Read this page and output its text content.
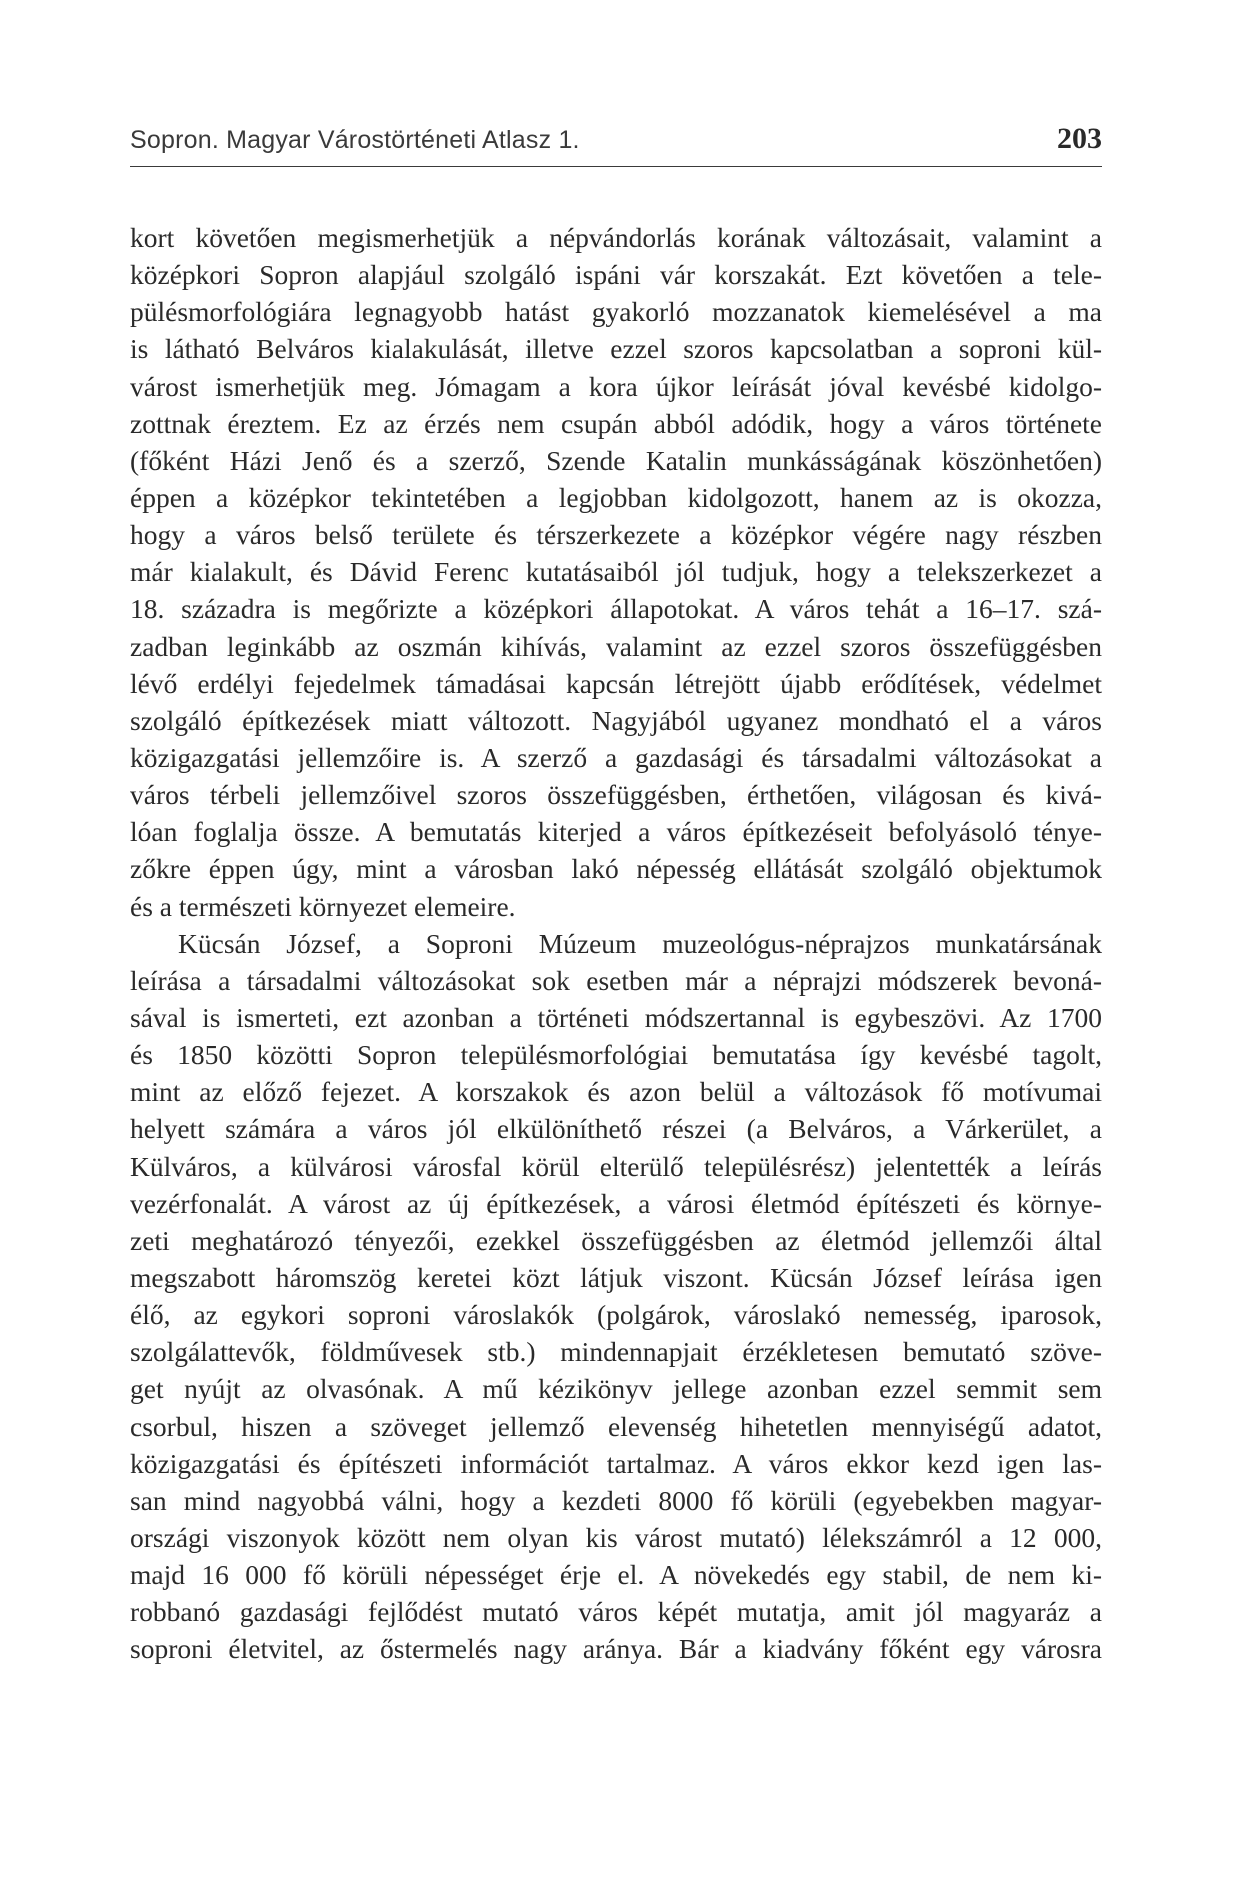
Sopron. Magyar Várostörténeti Atlasz 1.	203
kort követően megismerhetjük a népvándorlás korának változásait, valamint a
középkori Sopron alapjául szolgáló ispáni vár korszakát. Ezt követően a tele-
pülésmorfológiára legnagyobb hatást gyakorló mozzanatok kiemelésével a ma
is látható Belváros kialakulását, illetve ezzel szoros kapcsolatban a soproni kül-
várost ismerhetjük meg. Jómagam a kora újkor leírását jóval kevésbé kidolgo-
zottnak éreztem. Ez az érzés nem csupán abból adódik, hogy a város története
(főként Házi Jenő és a szerző, Szende Katalin munkásságának köszönhetően)
éppen a középkor tekintetében a legjobban kidolgozott, hanem az is okozza,
hogy a város belső területe és térszerkezete a középkor végére nagy részben
már kialakult, és Dávid Ferenc kutatásaiból jól tudjuk, hogy a telekszerkezet a
18. századra is megőrizte a középkori állapotokat. A város tehát a 16–17. szá-
zadban leginkább az oszmán kihívás, valamint az ezzel szoros összefüggésben
lévő erdélyi fejedelmek támadásai kapcsán létrejött újabb erődítések, védelmet
szolgáló építkezések miatt változott. Nagyjából ugyanez mondható el a város
közigazgatási jellemzőire is. A szerző a gazdasági és társadalmi változásokat a
város térbeli jellemzőivel szoros összefüggésben, érthetően, világosan és kivá-
lóan foglalja össze. A bemutatás kiterjed a város építkezéseit befolyásoló ténye-
zőkre éppen úgy, mint a városban lakó népesség ellátását szolgáló objektumok
és a természeti környezet elemeire.
Kücsán József, a Soproni Múzeum muzeológus-néprajzos munkatársának
leírása a társadalmi változásokat sok esetben már a néprajzi módszerek bevoná-
sával is ismerteti, ezt azonban a történeti módszertannal is egybeszövi. Az 1700
és 1850 közötti Sopron településmorfológiai bemutatása így kevésbé tagolt,
mint az előző fejezet. A korszakok és azon belül a változások fő motívumai
helyett számára a város jól elkülöníthető részei (a Belváros, a Várkerület, a
Külváros, a külvárosi városfal körül elterülő településrész) jelentették a leírás
vezérfonalát. A várost az új építkezések, a városi életmód építészeti és környe-
zeti meghatározó tényezői, ezekkel összefüggésben az életmód jellemzői által
megszabott háromszög keretei közt látjuk viszont. Kücsán József leírása igen
élő, az egykori soproni városlakók (polgárok, városlakó nemesség, iparosok,
szolgálattevők, földművesek stb.) mindennapjait érzékletesen bemutató szöve-
get nyújt az olvasónak. A mű kézikönyv jellege azonban ezzel semmit sem
csorbul, hiszen a szöveget jellemző elevenség hihetetlen mennyiségű adatot,
közigazgatási és építészeti információt tartalmaz. A város ekkor kezd igen las-
san mind nagyobbá válni, hogy a kezdeti 8000 fő körüli (egyebekben magyar-
országi viszonyok között nem olyan kis várost mutató) lélekszámról a 12 000,
majd 16 000 fő körüli népességet érje el. A növekedés egy stabil, de nem ki-
robbanó gazdasági fejlődést mutató város képét mutatja, amit jól magyaráz a
soproni életvitel, az őstermelés nagy aránya. Bár a kiadvány főként egy városra
